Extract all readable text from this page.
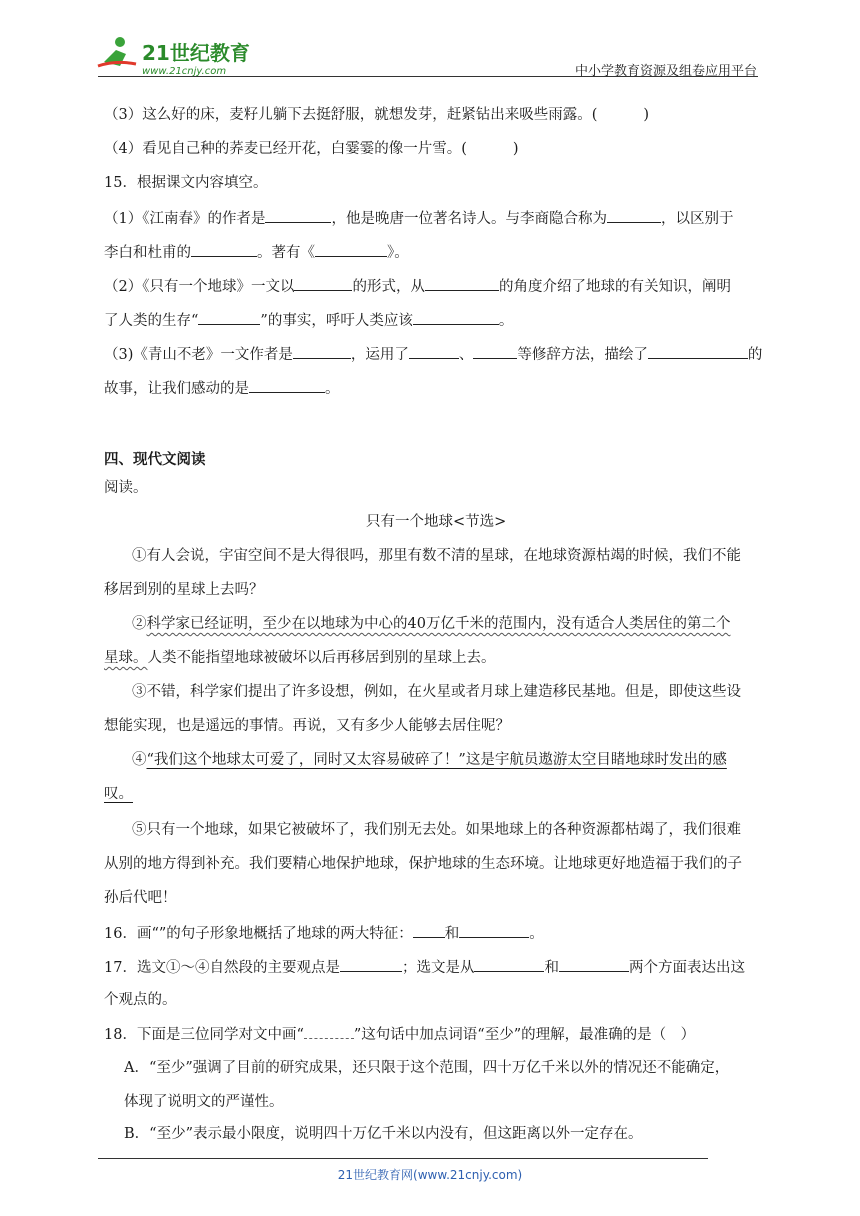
21世纪教育
www.21cnjy.com	中小学教育资源及组卷应用平台
（3）这么好的床，麦籽儿躺下去挺舒服，就想发芽，赶紧钻出来吸些雨露。(	)
（4）看见自己种的荞麦已经开花，白霎霎的像一片雪。(	)
15．根据课文内容填空。
（1）《江南春》的作者是	，他是晚唐一位著名诗人。与李商隐合称为	，以区别于
李白和杜甫的	。著有《	》。
（2）《只有一个地球》一文以	的形式，从	的角度介绍了地球的有关知识，阐明
了人类的生存“	”的事实，呼吁人类应该	。
（3)《青山不老》一文作者是	，运用了	、	等修辞方法，描绘了	的
故事，让我们感动的是	。
四、现代文阅读
阅读。
只有一个地球<节选>
①有人会说，宇宙空间不是大得很吗，那里有数不清的星球，在地球资源枯竭的时候，我们不能
移居到别的星球上去吗？
②科学家已经证明，至少在以地球为中心的40万亿千米的范围内，没有适合人类居住的第二个
星球。人类不能指望地球被破坏以后再移居到别的星球上去。
③不错，科学家们提出了许多设想，例如，在火星或者月球上建造移民基地。但是，即使这些设
想能实现，也是遥远的事情。再说，又有多少人能够去居住呢？
④“我们这个地球太可爱了，同时又太容易破碎了！”这是宇航员遨游太空目睹地球时发出的感
叹。
⑤只有一个地球，如果它被破坏了，我们别无去处。如果地球上的各种资源都枯竭了，我们很难
从别的地方得到补充。我们要精心地保护地球，保护地球的生态环境。让地球更好地造福于我们的子
孙后代吧！
16．画“”的句子形象地概括了地球的两大特征： 和	。
17．选文①～④自然段的主要观点是	；选文是从	和	两个方面表达出这
个观点的。
18．下面是三位同学对文中画“	”这句话中加点词语“至少”的理解，最准确的是（　）
A．“至少”强调了目前的研究成果，还只限于这个范围，四十万亿千米以外的情况还不能确定，
体现了说明文的严谨性。
B．“至少”表示最小限度，说明四十万亿千米以内没有，但这距离以外一定存在。
21世纪教育网(www.21cnjy.com)
